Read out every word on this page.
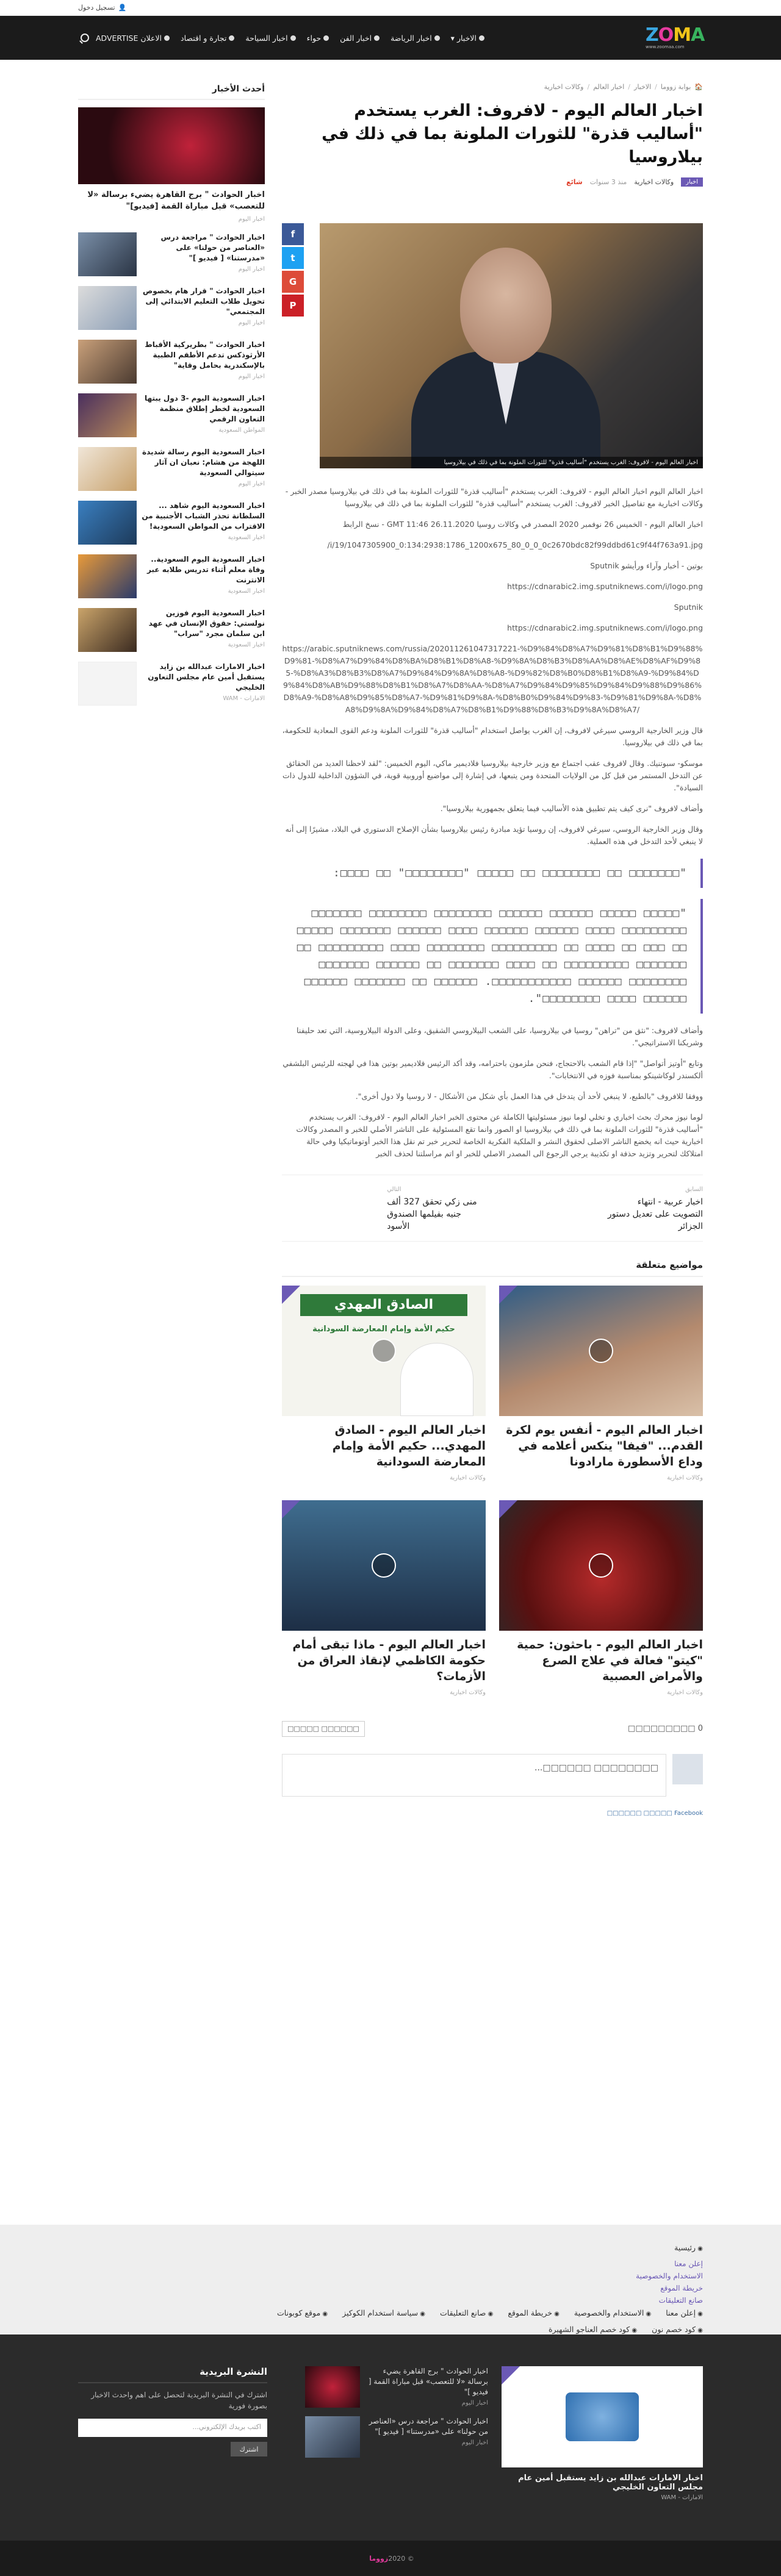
👤
تسجيل دخول
ZOMA
www.zoomaa.com
الاخبار
▾
اخبار الرياضة
اخبار الفن
حواء
اخبار السياحة
تجارة و اقتصاد
الاعلان ADVERTISE
🏠
بوابة زووما
/
الاخبار
/
اخبار العالم
/
وكالات اخبارية
اخبار العالم اليوم - لافروف: الغرب يستخدم "أساليب قذرة" للثورات الملونة بما في ذلك في بيلاروسيا
اخبار
وكالات اخبارية
منذ 3 سنوات
شائع
f
t
G
P
اخبار العالم اليوم - لافروف: الغرب يستخدم "أساليب قذرة" للثورات الملونة بما في ذلك في بيلاروسيا

اخبار العالم اليوم اخبار العالم اليوم - لافروف: الغرب يستخدم "أساليب قذرة" للثورات الملونة بما في ذلك في بيلاروسيا مصدر الخبر - وكالات اخبارية مع تفاصيل الخبر لافروف: الغرب يستخدم "أساليب قذرة" للثورات الملونة بما في ذلك في بيلاروسيا

اخبار العالم اليوم - الخميس 26 نوفمبر 2020 المصدر في وكالات روسيا GMT 11:46 26.11.2020 - نسخ الرابط

/i/19/1047305900_0:134:2938:1786_1200x675_80_0_0_0c2670bdc82f99ddbd61c9f44f763a91.jpg

بوتين - أخبار وآراء ورأيشو Sputnik

https://cdnarabic2.img.sputniknews.com/i/logo.png

Sputnik

https://cdnarabic2.img.sputniknews.com/i/logo.png

https://arabic.sputniknews.com/russia/202011261047317221-%D9%84%D8%A7%D9%81%D8%B1%D9%88%D9%81-%D8%A7%D9%84%D8%BA%D8%B1%D8%A8-%D9%8A%D8%B3%D8%AA%D8%AE%D8%AF%D9%85-%D8%A3%D8%B3%D8%A7%D9%84%D9%8A%D8%A8-%D9%82%D8%B0%D8%B1%D8%A9-%D9%84%D9%84%D8%AB%D9%88%D8%B1%D8%A7%D8%AA-%D8%A7%D9%84%D9%85%D9%84%D9%88%D9%86%D8%A9-%D8%A8%D9%85%D8%A7-%D9%81%D9%8A-%D8%B0%D9%84%D9%83-%D9%81%D9%8A-%D8%A8%D9%8A%D9%84%D8%A7%D8%B1%D9%88%D8%B3%D9%8A%D8%A7/

قال وزير الخارجية الروسي سيرغي لافروف، إن الغرب يواصل استخدام "أساليب قذرة" للثورات الملونة ودعم القوى المعادية للحكومة، بما في ذلك في بيلاروسيا.

موسكو- سبوتنيك. وقال لافروف عقب اجتماع مع وزير خارجية بيلاروسيا فلاديمير ماكي، اليوم الخميس: "لقد لاحظنا العديد من الحقائق عن التدخل المستمر من قبل كل من الولايات المتحدة ومن يتبعها، في إشارة إلى مواضيع أوروبية قوية، في الشؤون الداخلية للدول ذات السيادة".

وأضاف لافروف "نرى كيف يتم تطبيق هذه الأساليب فيما يتعلق بجمهورية بيلاروسيا".

وقال وزير الخارجية الروسي، سيرغي لافروف، إن روسيا تؤيد مبادرة رئيس بيلاروسيا بشأن الإصلاح الدستوري في البلاد، مشيرًا إلى أنه لا ينبغي لأحد التدخل في هذه العملية.

"□□□□□□□ □□ □□□□□□□□ □□ □□□□□ "□□□□□□□□" □□ □□□□:
"□□□□□ □□□□□ □□□□□□ □□□□□□ □□□□□□□□ □□□□□□□□ □□□□□□□ □□□□□□□□□ □□□□ □□□□□□ □□□□□□ □□□□ □□□□□□ □□□□□□□ □□□□□ □□ □□□ □□ □□□□ □□ □□□□□□□□□ □□□□□□□□ □□□□ □□□□□□□□□ □□ □□□□□□□ □□□□□□□□□ □□ □□□□ □□□□□□□ □□ □□□□□□ □□□□□□□ □□□□□□□□ □□□□□□ □□□□□□□□□□□. □□□□□□ □□ □□□□□□□ □□□□□□ □□□□□□ □□□□ □□□□□□□□".

وأضاف لافروف: "نثق من "تراهن" روسيا في بيلاروسيا، على الشعب البيلاروسي الشقيق، وعلى الدولة البيلاروسية، التي تعد حليفنا وشريكنا الاستراتيجي".

وتابع "أوتيز أتواصل" "إذا قام الشعب بالاحتجاج، فنحن ملزمون باحترامه، وقد أكد الرئيس فلاديمير بوتين هذا في لهجته للرئيس البلشفي ألكسندر لوكاشينكو بمناسبة فوزه في الانتخابات".

ووفقا للافروف "بالطبع، لا ينبغي لأحد أن يتدخل في هذا العمل بأي شكل من الأشكال - لا روسيا ولا دول أخرى".

لوما نيوز محرك بحث اخباري و تخلي لوما نيوز مسئوليتها الكاملة عن محتوى الخبر اخبار العالم اليوم - لافروف: الغرب يستخدم "أساليب قذرة" للثورات الملونة بما في ذلك في بيلاروسيا او الصور وانما تقع المسئولية على الناشر الأصلي للخبر و المصدر وكالات اخبارية حيث انه يخضع الناشر الاصلى لحقوق النشر و الملكية الفكرية الخاصة لتحرير خبر تم نقل هذا الخبر أوتوماتيكيا وفي حالة امتلاكك لتحرير وتزيد حذفة او تكذيبة يرجي الرجوع الى المصدر الاصلي للخبر او اتم مراسلتنا لحذف الخبر

السابق
اخبار عربية - انتهاء التصويت على تعديل دستور الجزائر
التالي
منى زكي تحقق 327 ألف جنيه بفيلمها الصندوق الأسود
مواضيع متعلقة
اخبار العالم اليوم - أنفس يوم لكرة القدم... "فيفا" ينكس أعلامه في وداع الأسطورة مارادونا
وكالات اخبارية
الصادق المهدي
حكيم الأمة وإمام المعارضة السودانية
اخبار العالم اليوم - الصادق المهدي... حكيم الأمة وإمام المعارضة السودانية
وكالات اخبارية
اخبار العالم اليوم - باحثون: حمية "كيتو" فعالة في علاج الصرع والأمراض العصبية
وكالات اخبارية
اخبار العالم اليوم - ماذا تبقى أمام حكومة الكاظمي لإنقاذ العراق من الأزمات؟
وكالات اخبارية
0 □□□□□□□□□
□□□□□□ □□□□□
□□□□□□□□ □□□□□□...
Facebook □□□□□ □□□□□□
أحدث الأخبار
اخبار الحوادث " برج القاهرة يضيء برسالة «لا للتعصب» قبل مباراة القمة [فيديو]"
اخبار اليوم
اخبار الحوادث " مراجعة درس «العناصر من حولنا» على «مدرستنا» [ فيديو ]"
اخبار اليوم
اخبار الحوادث " قرار هام بخصوص تحويل طلاب التعليم الابتدائي إلى المجتمعي"
اخبار اليوم
اخبار الحوادث " بطريركية الأقباط الأرثوذكس تدعم الأطقم الطبية بالإسكندرية بحامل وقاية"
اخبار اليوم
اخبار السعودية اليوم -3 دول يبتها السعودية لخطر إطلاق منظمة التعاون الرقمي
المواطن السعودية
اخبار السعودية اليوم رسالة شديدة اللهجة من هشام: نعبان ان آثار سيتوالي السعودية
اخبار اليوم
اخبار السعودية اليوم شاهد ... السلطانة تحذر الشباب الأجنبية من الاقتراب من المواطن السعودية!
اخبار السعودية
اخبار السعودية اليوم السعودية.. وفاة معلم أثناء تدريس طلابه عبر الانترنت
اخبار السعودية
اخبار السعودية اليوم فوزين نولستي: حقوق الإنسان في عهد ابن سلمان مجرد "سراب"
اخبار السعودية
اخبار الامارات عبدالله بن زايد يستقبل أمين عام مجلس التعاون الخليجي
الامارات - WAM
◉ رئيسية
إعلن معنا
الاستخدام والخصوصية
خريطة الموقع
صانع التعليقات
◉ إعلن معنا
◉ الاستخدام والخصوصية
◉ خريطة الموقع
◉ صانع التعليقات
◉ سياسة استخدام الكوكيز
◉ موقع كوبونات
◉ كود خصم نون
◉ كود خصم العناجو الشهيرة
اخبار الامارات عبدالله بن زايد يستقبل أمين عام مجلس التعاون الخليجي
الامارات - WAM
اخبار الحوادث " برج القاهرة يضيء برسالة «لا للتعصب» قبل مباراة القمة [ فيديو ]"
اخبار اليوم
اخبار الحوادث " مراجعة درس «العناصر من حولنا» على «مدرستنا» [ فيديو ]"
اخبار اليوم
النشرة البريدية

اشترك في النشرة البريدية لتحصل على اهم واحدث الاخبار بصورة فورية

اكتب بريدك الإلكتروني...
اشترك
© 2020
زووما
